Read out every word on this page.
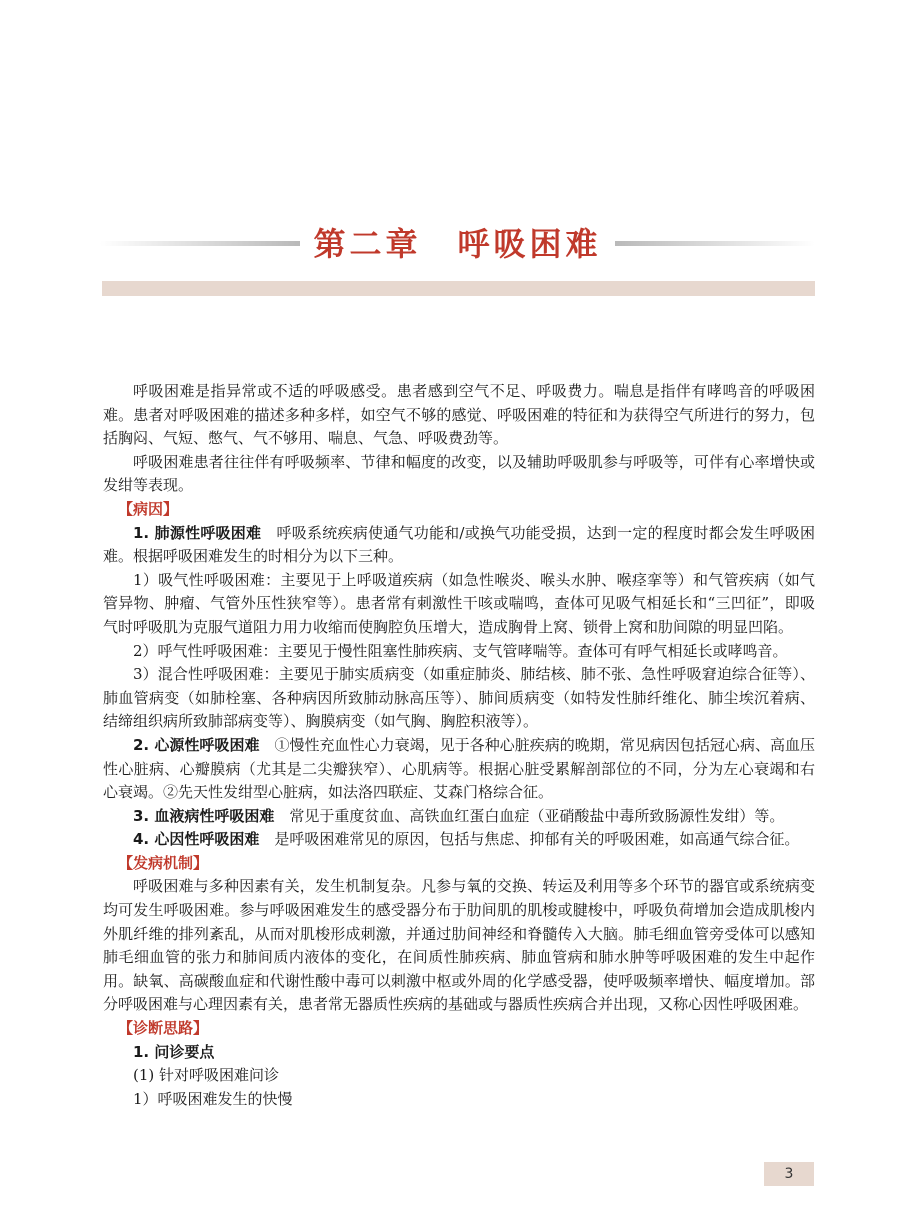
第二章　呼吸困难

呼吸困难是指异常或不适的呼吸感受。患者感到空气不足、呼吸费力。喘息是指伴有哮鸣音的呼吸困难。患者对呼吸困难的描述多种多样，如空气不够的感觉、呼吸困难的特征和为获得空气所进行的努力，包括胸闷、气短、憋气、气不够用、喘息、气急、呼吸费劲等。

呼吸困难患者往往伴有呼吸频率、节律和幅度的改变，以及辅助呼吸肌参与呼吸等，可伴有心率增快或发绀等表现。

【病因】

1. 肺源性呼吸困难　呼吸系统疾病使通气功能和/或换气功能受损，达到一定的程度时都会发生呼吸困难。根据呼吸困难发生的时相分为以下三种。

1）吸气性呼吸困难：主要见于上呼吸道疾病（如急性喉炎、喉头水肿、喉痉挛等）和气管疾病（如气管异物、肿瘤、气管外压性狭窄等）。患者常有刺激性干咳或喘鸣，查体可见吸气相延长和“三凹征”，即吸气时呼吸肌为克服气道阻力用力收缩而使胸腔负压增大，造成胸骨上窝、锁骨上窝和肋间隙的明显凹陷。

2）呼气性呼吸困难：主要见于慢性阻塞性肺疾病、支气管哮喘等。查体可有呼气相延长或哮鸣音。

3）混合性呼吸困难：主要见于肺实质病变（如重症肺炎、肺结核、肺不张、急性呼吸窘迫综合征等）、肺血管病变（如肺栓塞、各种病因所致肺动脉高压等）、肺间质病变（如特发性肺纤维化、肺尘埃沉着病、结缔组织病所致肺部病变等）、胸膜病变（如气胸、胸腔积液等）。

2. 心源性呼吸困难　①慢性充血性心力衰竭，见于各种心脏疾病的晚期，常见病因包括冠心病、高血压性心脏病、心瓣膜病（尤其是二尖瓣狭窄）、心肌病等。根据心脏受累解剖部位的不同，分为左心衰竭和右心衰竭。②先天性发绀型心脏病，如法洛四联症、艾森门格综合征。

3. 血液病性呼吸困难　常见于重度贫血、高铁血红蛋白血症（亚硝酸盐中毒所致肠源性发绀）等。

4. 心因性呼吸困难　是呼吸困难常见的原因，包括与焦虑、抑郁有关的呼吸困难，如高通气综合征。

【发病机制】

呼吸困难与多种因素有关，发生机制复杂。凡参与氧的交换、转运及利用等多个环节的器官或系统病变均可发生呼吸困难。参与呼吸困难发生的感受器分布于肋间肌的肌梭或腱梭中，呼吸负荷增加会造成肌梭内外肌纤维的排列紊乱，从而对肌梭形成刺激，并通过肋间神经和脊髓传入大脑。肺毛细血管旁受体可以感知肺毛细血管的张力和肺间质内液体的变化，在间质性肺疾病、肺血管病和肺水肿等呼吸困难的发生中起作用。缺氧、高碳酸血症和代谢性酸中毒可以刺激中枢或外周的化学感受器，使呼吸频率增快、幅度增加。部分呼吸困难与心理因素有关，患者常无器质性疾病的基础或与器质性疾病合并出现，又称心因性呼吸困难。

【诊断思路】

1. 问诊要点

(1) 针对呼吸困难问诊

1）呼吸困难发生的快慢

3
